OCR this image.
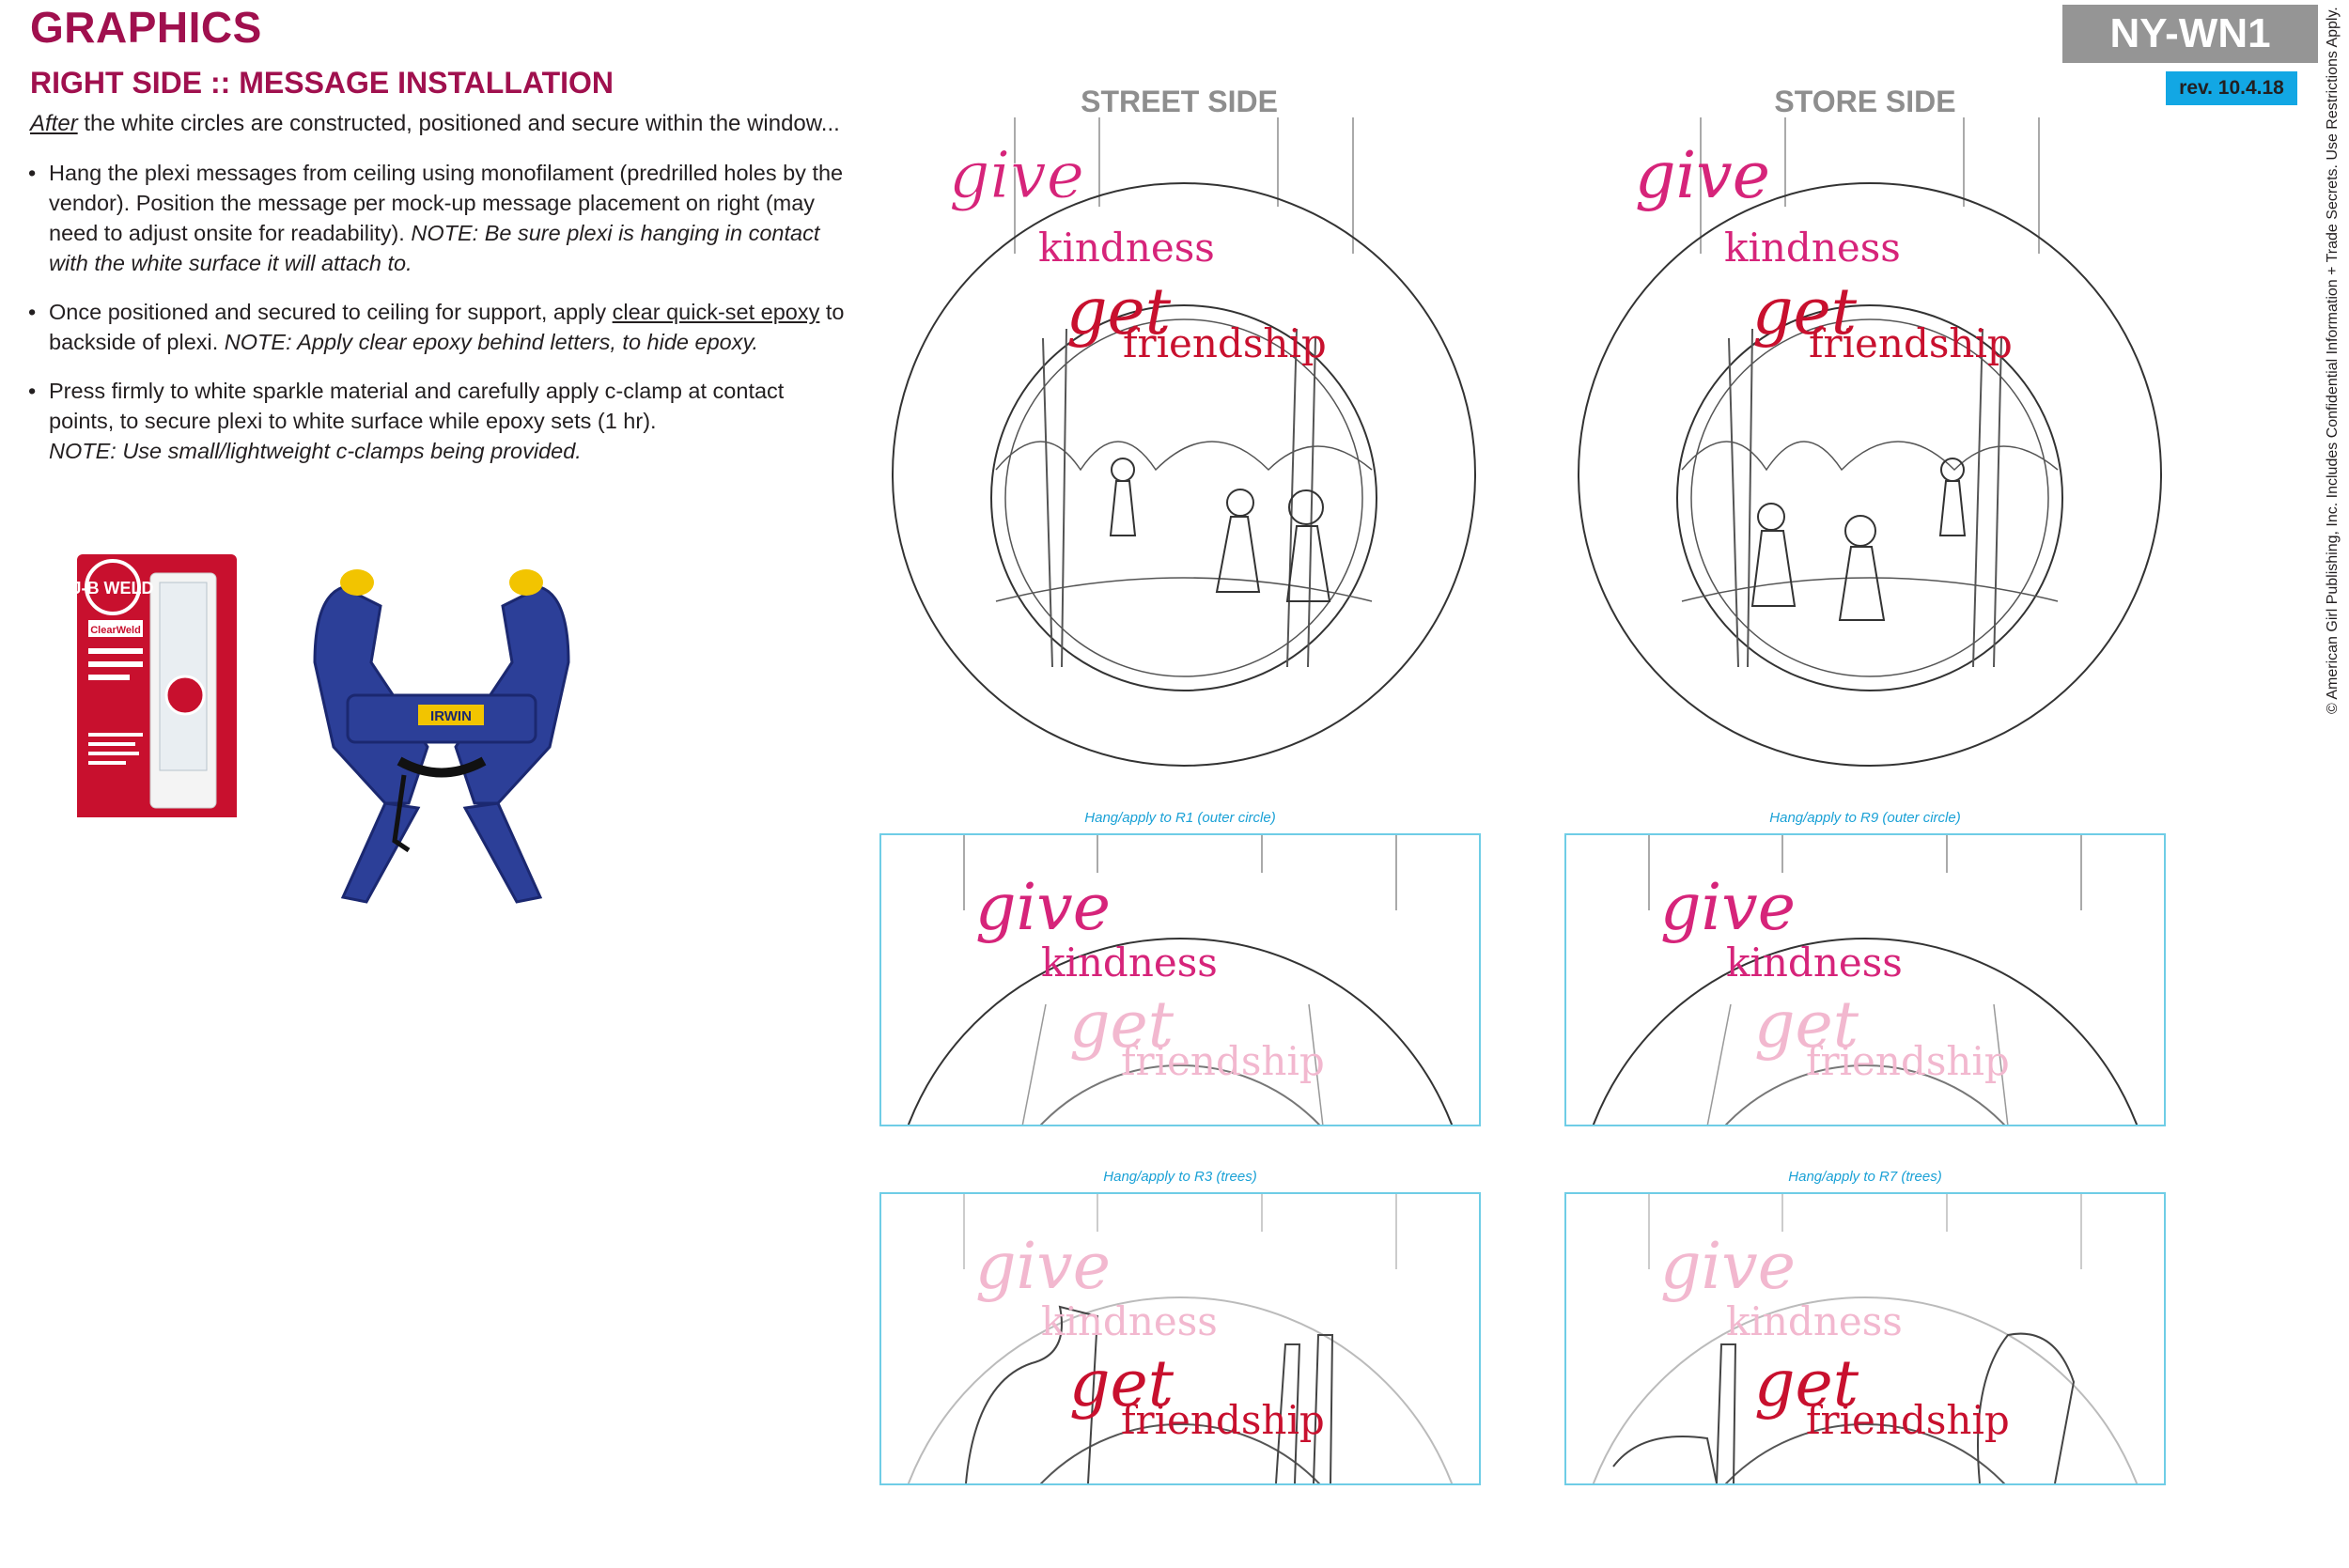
GRAPHICS
RIGHT SIDE :: MESSAGE INSTALLATION
NY-WN1
rev. 10.4.18	© American Girl Publishing, Inc. Includes Confidential Information + Trade Secrets. Use Restrictions Apply.
After the white circles are constructed, positioned and secure within the window...
• Hang the plexi messages from ceiling using monofilament (predrilled holes by the vendor). Position the message per mock-up message placement on right (may need to adjust onsite for readability). NOTE: Be sure plexi is hanging in contact with the white surface it will attach to.
• Once positioned and secured to ceiling for support, apply clear quick-set epoxy to backside of plexi. NOTE: Apply clear epoxy behind letters, to hide epoxy.
• Press firmly to white sparkle material and carefully apply c-clamp at contact points, to secure plexi to white surface while epoxy sets (1 hr).
NOTE: Use small/lightweight c-clamps being provided.
J-B WELD
ClearWeld
IRWIN
STREET SIDE	STORE SIDE
give
kindness
get
friendship
give
kindness
get
friendship
Hang/apply to R1 (outer circle)
give
kindness
get
friendship
Hang/apply to R9 (outer circle)
give
kindness
get
friendship
Hang/apply to R3 (trees)
give
kindness
get
friendship
Hang/apply to R7 (trees)
give
kindness
get
friendship
